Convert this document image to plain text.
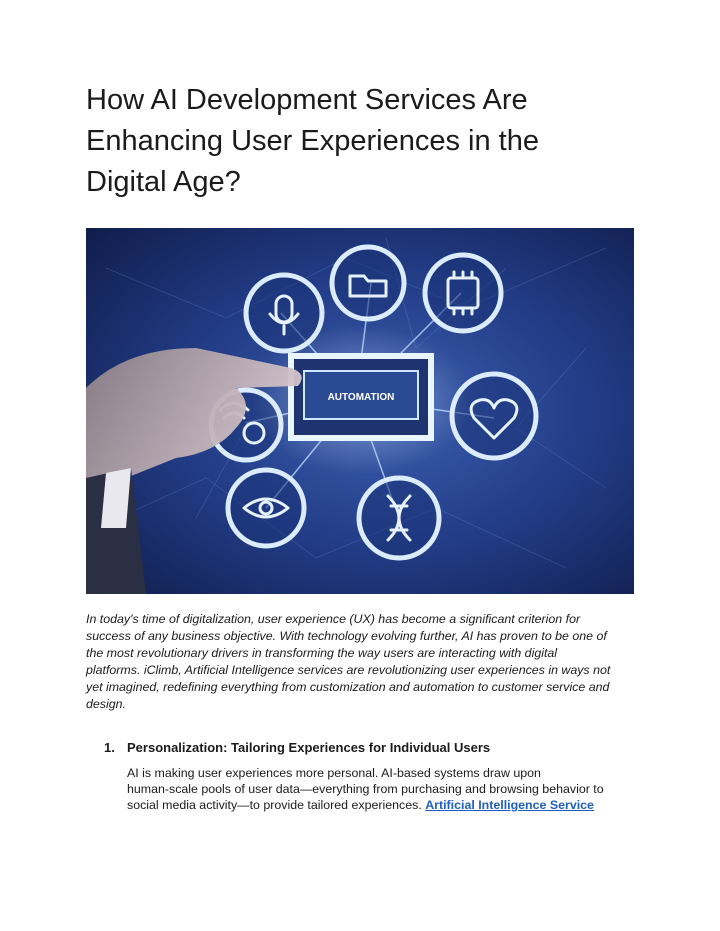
How AI Development Services Are
Enhancing User Experiences in the
Digital Age?
AUTOMATION

In today's time of digitalization, user experience (UX) has become a significant criterion for
success of any business objective. With technology evolving further, AI has proven to be one of
the most revolutionary drivers in transforming the way users are interacting with digital
platforms. iClimb, Artificial Intelligence services are revolutionizing user experiences in ways not
yet imagined, redefining everything from customization and automation to customer service and
design.

1. Personalization: Tailoring Experiences for Individual Users

AI is making user experiences more personal. AI-based systems draw upon
human-scale pools of user data—everything from purchasing and browsing behavior to
social media activity—to provide tailored experiences. Artificial Intelligence Service
